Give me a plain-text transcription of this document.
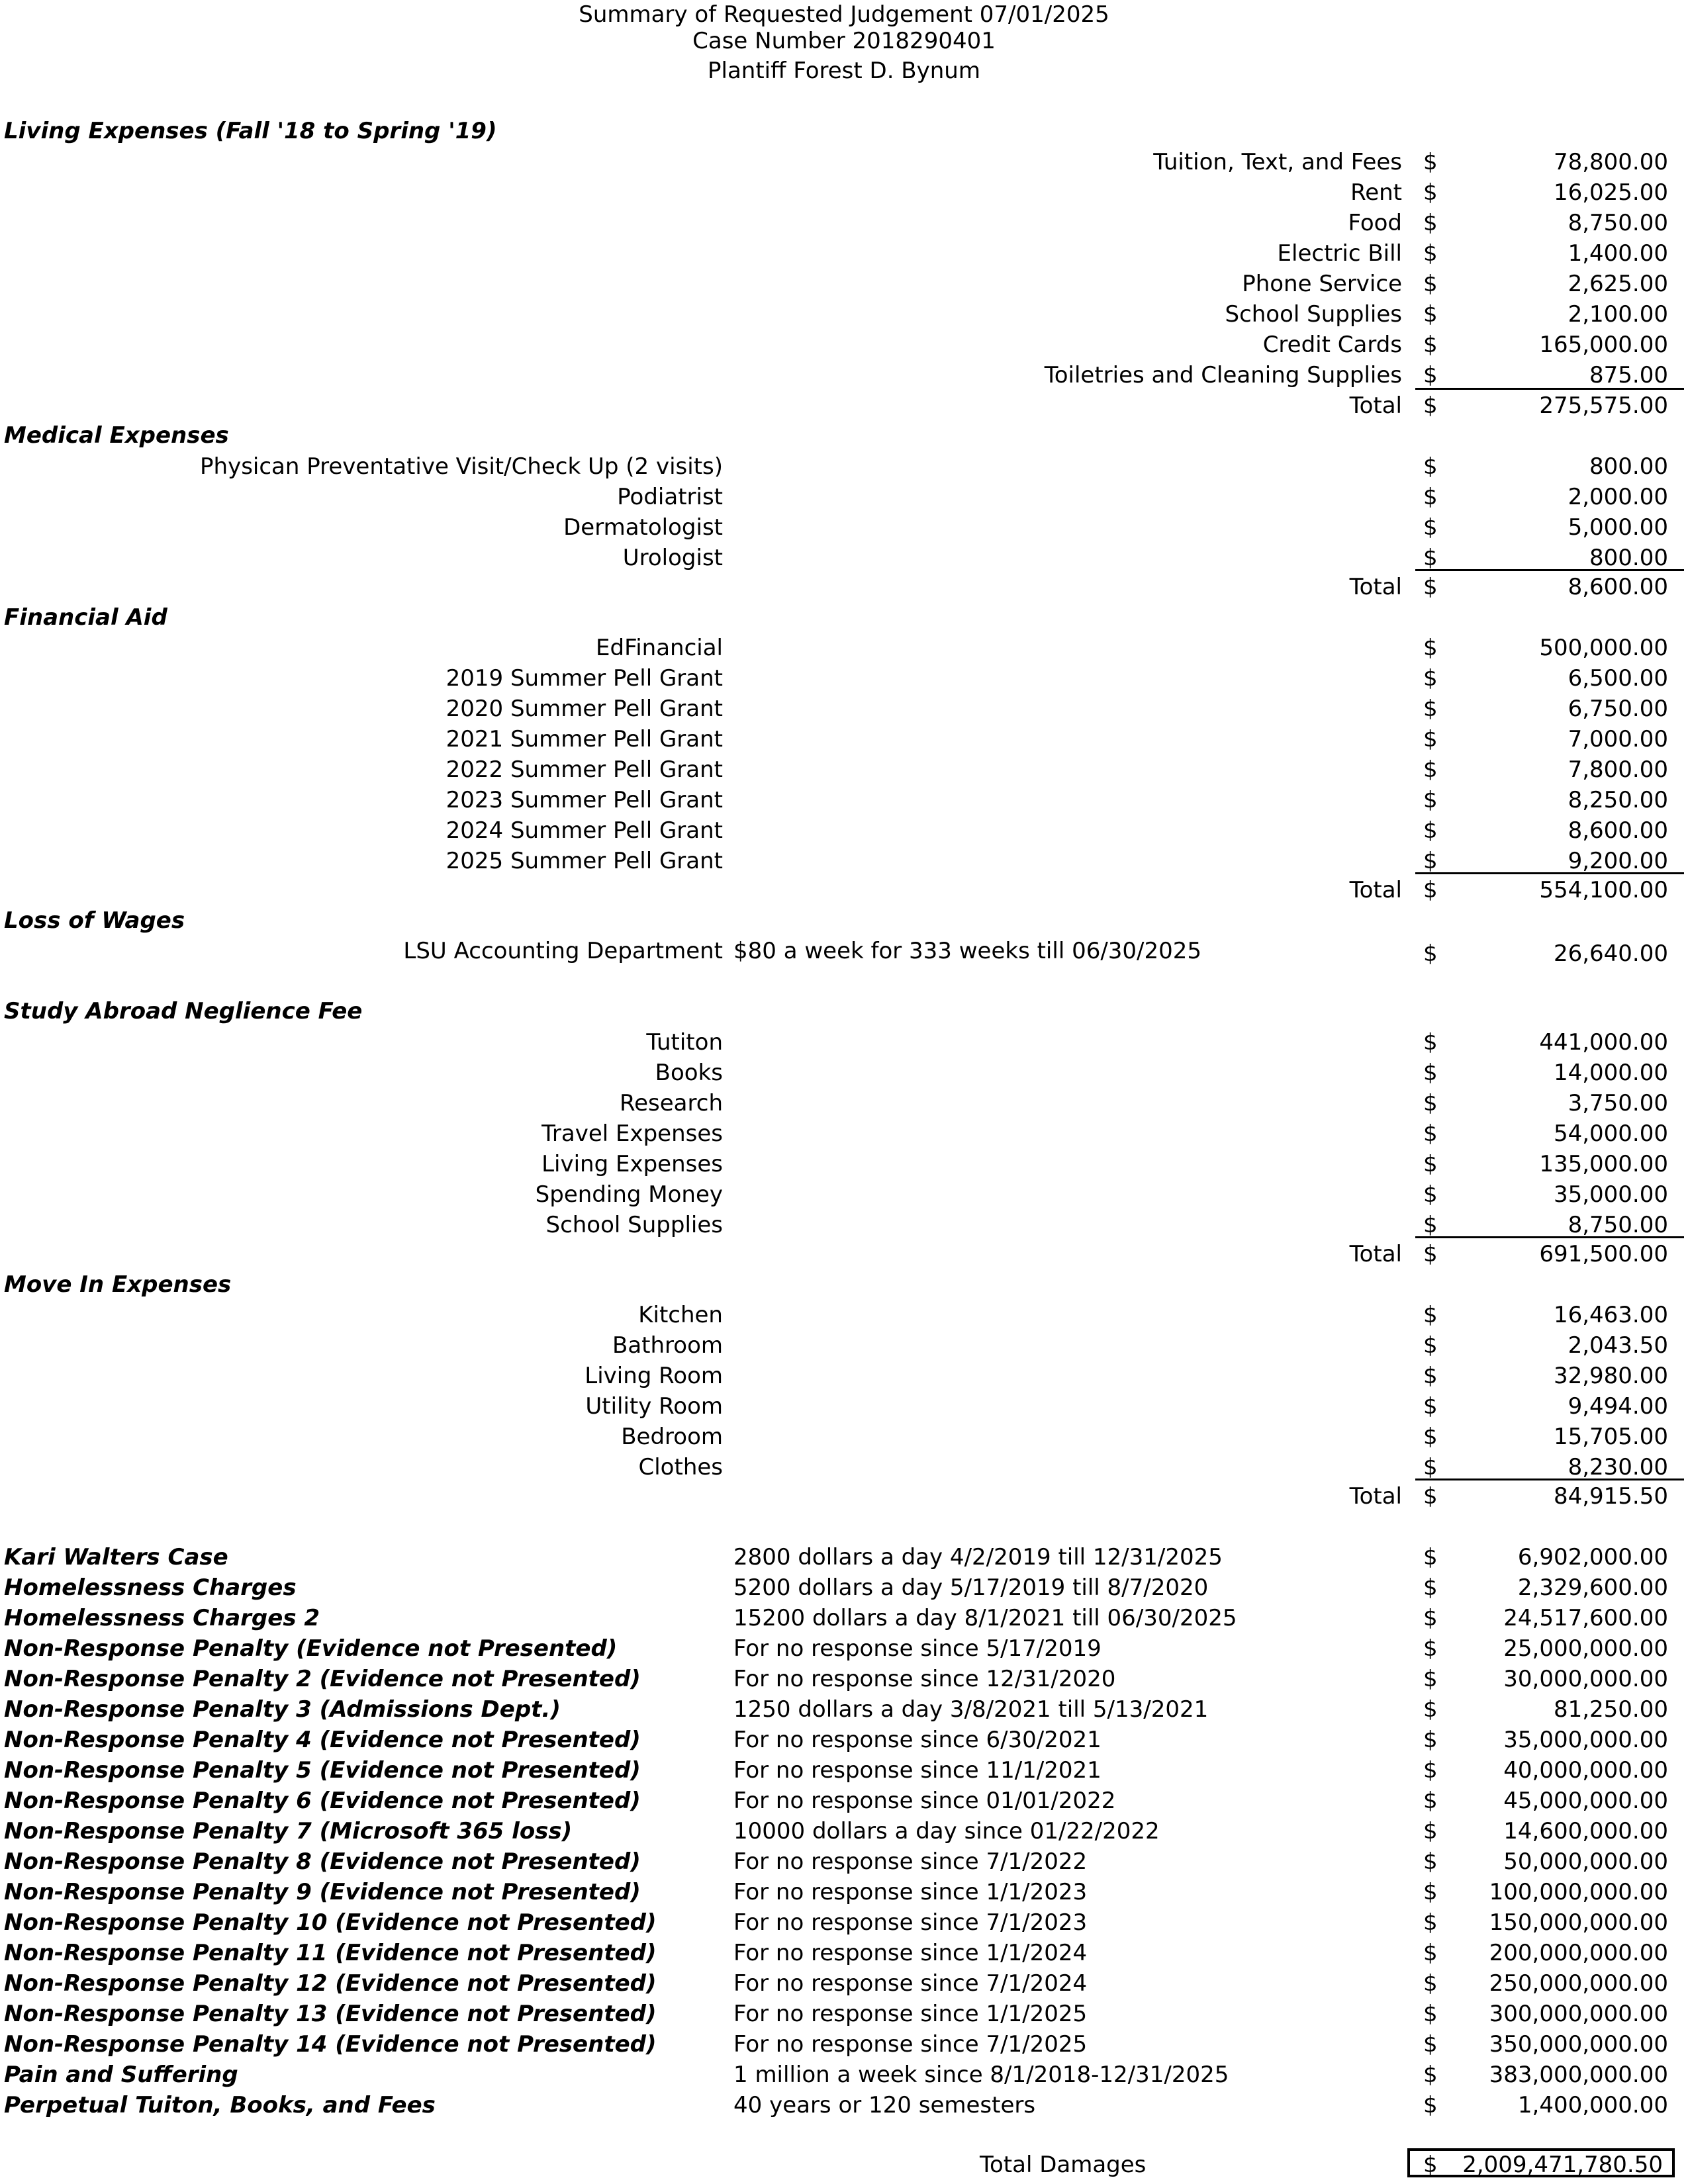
Summary of Requested Judgement 07/01/2025
Case Number 2018290401
Plantiff Forest D. Bynum
Living Expenses (Fall '18 to Spring '19)
Tuition, Text, and Fees $	78,800.00
Rent $	16,025.00
Food $	8,750.00
Electric Bill $	1,400.00
Phone Service $	2,625.00
School Supplies $	2,100.00
Credit Cards $	165,000.00
Toiletries and Cleaning Supplies $	875.00
Total $	275,575.00
Medical Expenses
Physican Preventative Visit/Check Up (2 visits)	$	800.00
Podiatrist	$	2,000.00
Dermatologist	$	5,000.00
Urologist	$	800.00
Total $	8,600.00
Financial Aid
EdFinancial	$	500,000.00
2019 Summer Pell Grant	$	6,500.00
2020 Summer Pell Grant	$	6,750.00
2021 Summer Pell Grant	$	7,000.00
2022 Summer Pell Grant	$	7,800.00
2023 Summer Pell Grant	$	8,250.00
2024 Summer Pell Grant	$	8,600.00
2025 Summer Pell Grant	$	9,200.00
Total $	554,100.00
Loss of Wages
LSU Accounting Department $80 a week for 333 weeks till 06/30/2025	$	26,640.00
Study Abroad Neglience Fee
Tutiton	$	441,000.00
Books	$	14,000.00
Research	$	3,750.00
Travel Expenses	$	54,000.00
Living Expenses	$	135,000.00
Spending Money	$	35,000.00
School Supplies	$	8,750.00
Total $	691,500.00
Move In Expenses
Kitchen	$	16,463.00
Bathroom	$	2,043.50
Living Room	$	32,980.00
Utility Room	$	9,494.00
Bedroom	$	15,705.00
Clothes	$	8,230.00
Total $	84,915.50
Kari Walters Case	2800 dollars a day 4/2/2019 till 12/31/2025	$	6,902,000.00
Homelessness Charges	5200 dollars a day 5/17/2019 till 8/7/2020	$	2,329,600.00
Homelessness Charges 2	15200 dollars a day 8/1/2021 till 06/30/2025	$	24,517,600.00
Non-Response Penalty (Evidence not Presented)	For no response since 5/17/2019	$	25,000,000.00
Non-Response Penalty 2 (Evidence not Presented)	For no response since 12/31/2020	$	30,000,000.00
Non-Response Penalty 3 (Admissions Dept.)	1250 dollars a day 3/8/2021 till 5/13/2021	$	81,250.00
Non-Response Penalty 4 (Evidence not Presented)	For no response since 6/30/2021	$	35,000,000.00
Non-Response Penalty 5 (Evidence not Presented)	For no response since 11/1/2021	$	40,000,000.00
Non-Response Penalty 6 (Evidence not Presented)	For no response since 01/01/2022	$	45,000,000.00
Non-Response Penalty 7 (Microsoft 365 loss)	10000 dollars a day since 01/22/2022	$	14,600,000.00
Non-Response Penalty 8 (Evidence not Presented)	For no response since 7/1/2022	$	50,000,000.00
Non-Response Penalty 9 (Evidence not Presented)	For no response since 1/1/2023	$	100,000,000.00
Non-Response Penalty 10 (Evidence not Presented)	For no response since 7/1/2023	$	150,000,000.00
Non-Response Penalty 11 (Evidence not Presented)	For no response since 1/1/2024	$	200,000,000.00
Non-Response Penalty 12 (Evidence not Presented)	For no response since 7/1/2024	$	250,000,000.00
Non-Response Penalty 13 (Evidence not Presented)	For no response since 1/1/2025	$	300,000,000.00
Non-Response Penalty 14 (Evidence not Presented)	For no response since 7/1/2025	$	350,000,000.00
Pain and Suffering	1 million a week since 8/1/2018-12/31/2025	$	383,000,000.00
Perpetual Tuiton, Books, and Fees	40 years or 120 semesters	$	1,400,000.00
Total Damages	$ 2,009,471,780.50
